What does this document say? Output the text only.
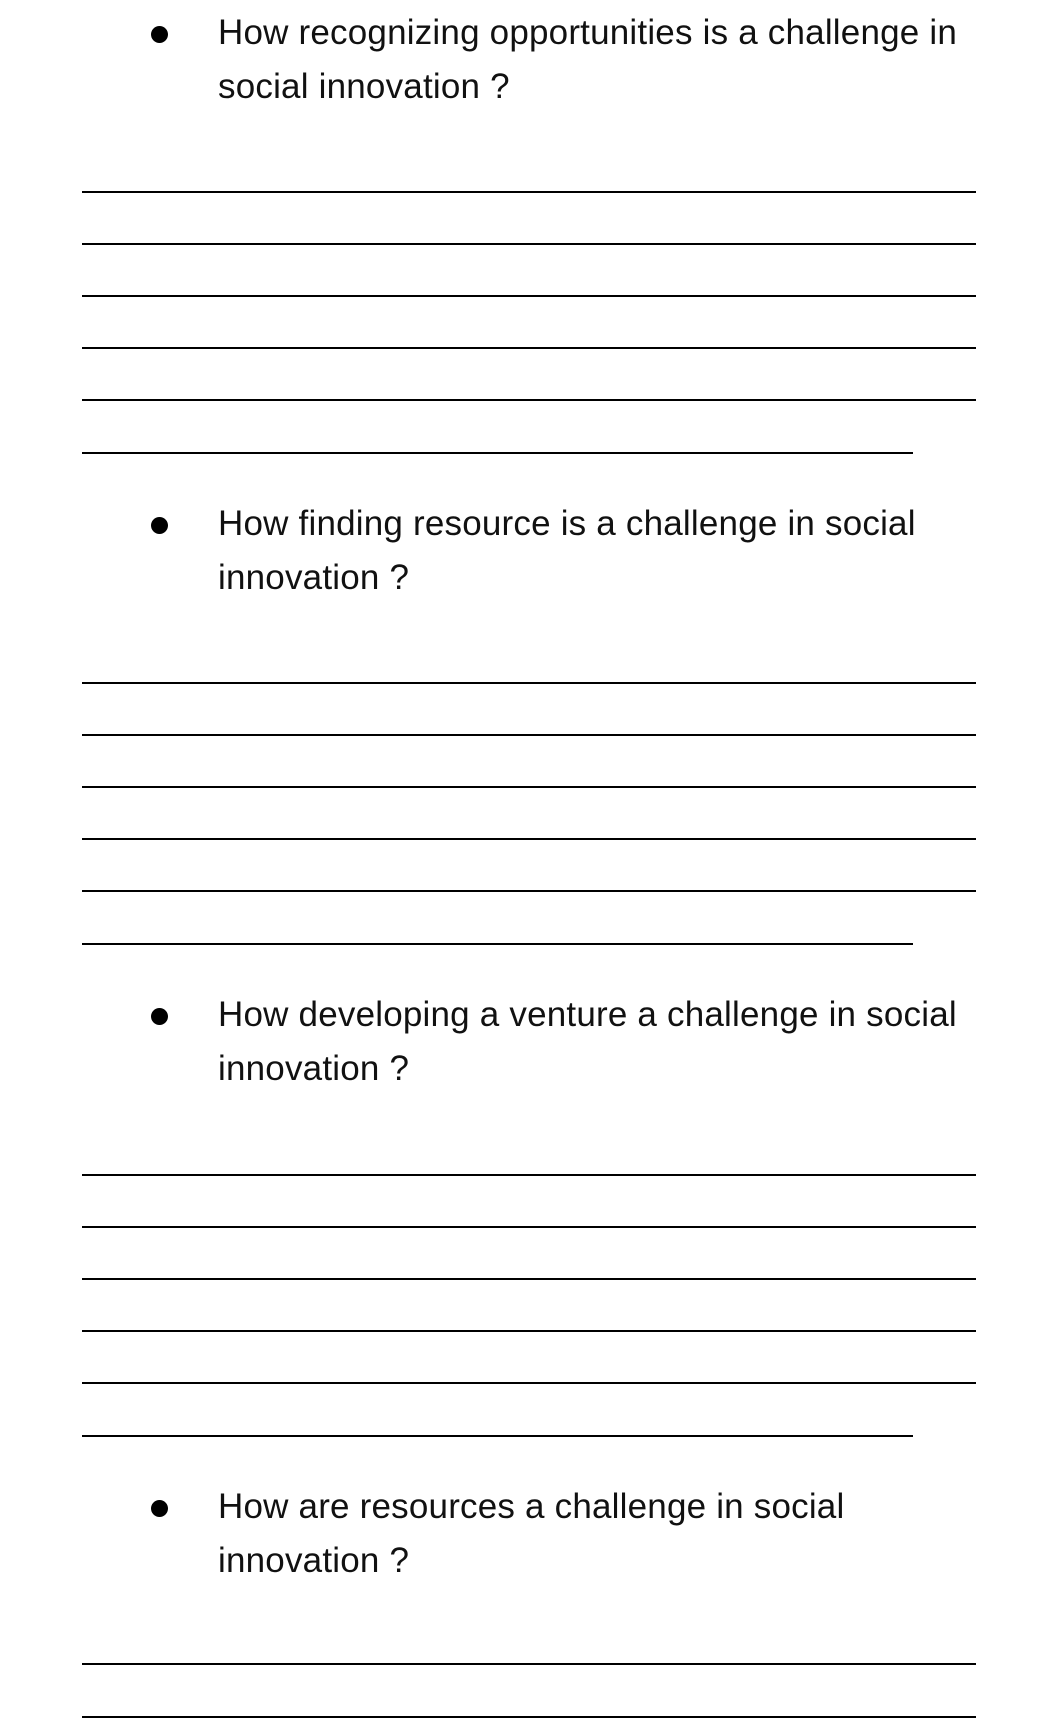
How recognizing opportunities is a challenge in social innovation ?
How finding resource is a challenge in social innovation ?
How developing a venture a challenge in social innovation ?
How are resources a challenge in social innovation ?
